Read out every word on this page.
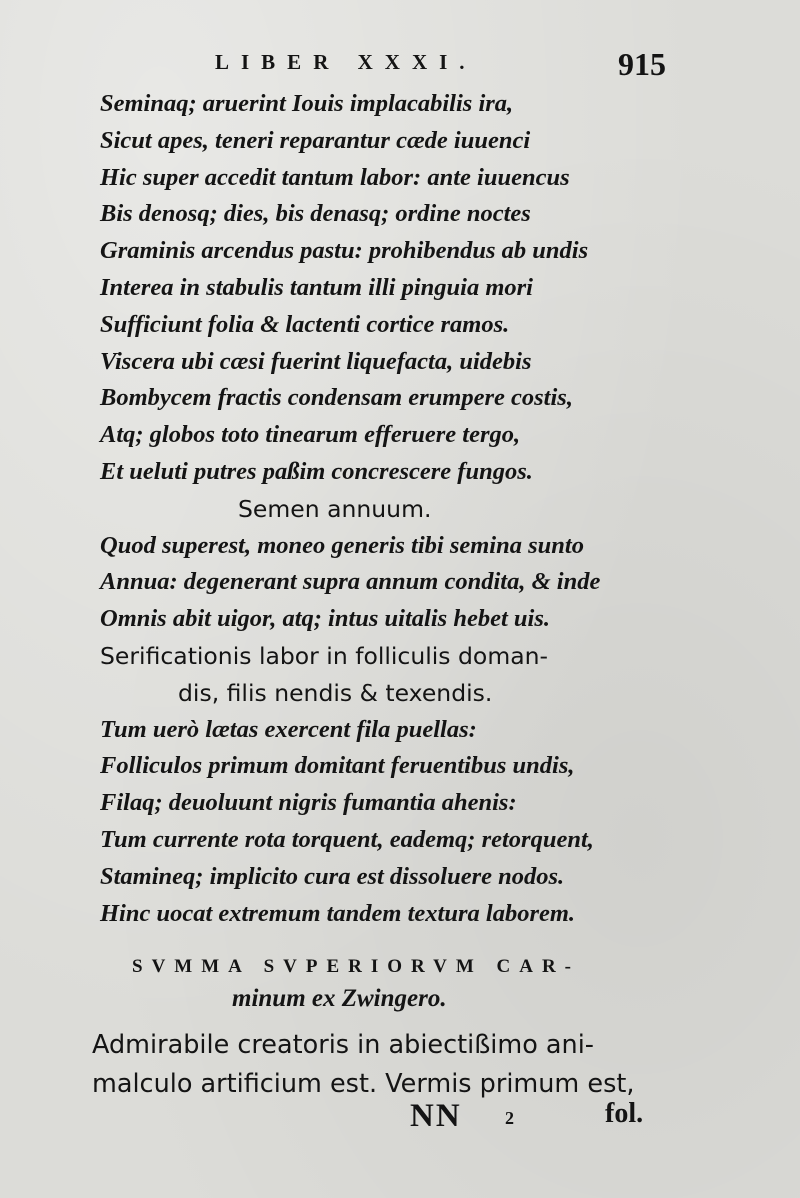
LIBER XXXI.	915
Seminaq; aruerint Iouis implacabilis ira,
Sicut apes, teneri reparantur cæde iuuenci
Hic super accedit tantum labor: ante iuuencus
Bis denosq; dies, bis denasq; ordine noctes
Graminis arcendus pastu: prohibendus ab undis
Interea in stabulis tantum illi pinguia mori
Sufficiunt folia & lactenti cortice ramos.
Viscera ubi cæsi fuerint liquefacta, uidebis
Bombycem fractis condensam erumpere costis,
Atq; globos toto tinearum efferuere tergo,
Et ueluti putres paßim concrescere fungos.
Semen annuum.
Quod superest, moneo generis tibi semina sunto
Annua: degenerant supra annum condita, & inde
Omnis abit uigor, atq; intus uitalis hebet uis.
Serificationis labor in folliculis doman-
dis, filis nendis & texendis.
Tum uerò lætas exercent fila puellas:
Folliculos primum domitant feruentibus undis,
Filaq; deuoluunt nigris fumantia ahenis:
Tum currente rota torquent, eademq; retorquent,
Stamineq; implicito cura est dissoluere nodos.
Hinc uocat extremum tandem textura laborem.
SVMMA SVPERIORVM CAR-
minum ex Zwingero.
Admirabile creatoris in abiectißimo ani-
malculo artificium est. Vermis primum est,
NN 2	fol.
